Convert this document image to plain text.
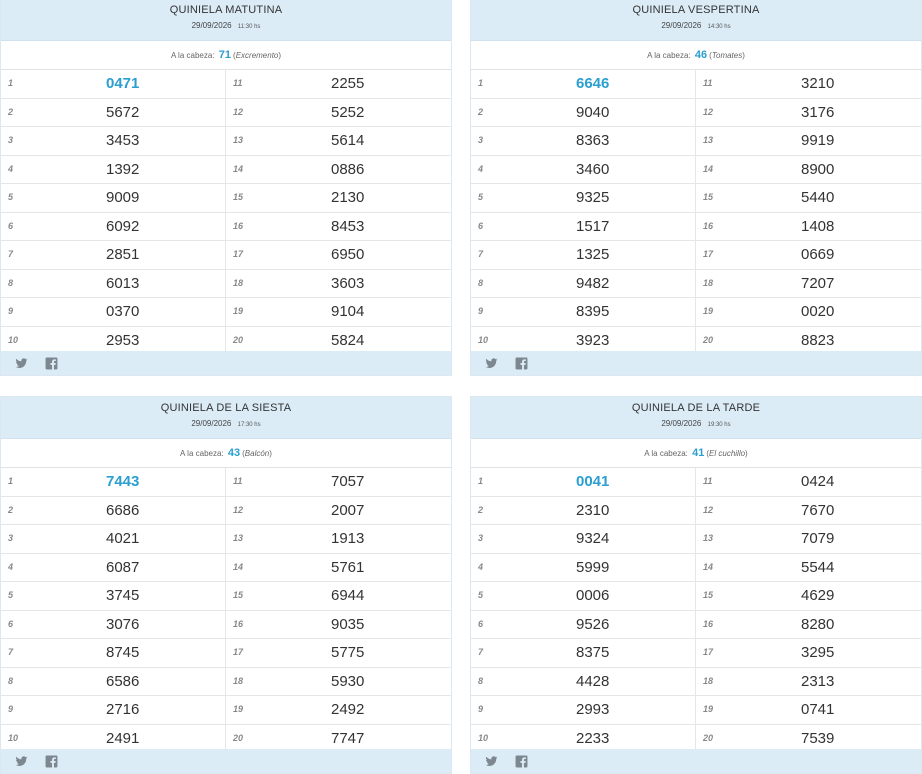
QUINIELA MATUTINA
29/09/2026 11:30 hs
A la cabeza: 71 (Excremento)
1	0471	11	2255
2	5672	12	5252
3	3453	13	5614
4	1392	14	0886
5	9009	15	2130
6	6092	16	8453
7	2851	17	6950
8	6013	18	3603
9	0370	19	9104
10	2953	20	5824
QUINIELA VESPERTINA
29/09/2026 14:30 hs
A la cabeza: 46 (Tomates)
1	6646	11	3210
2	9040	12	3176
3	8363	13	9919
4	3460	14	8900
5	9325	15	5440
6	1517	16	1408
7	1325	17	0669
8	9482	18	7207
9	8395	19	0020
10	3923	20	8823
QUINIELA DE LA SIESTA
29/09/2026 17:30 hs
A la cabeza: 43 (Balcón)
1	7443	11	7057
2	6686	12	2007
3	4021	13	1913
4	6087	14	5761
5	3745	15	6944
6	3076	16	9035
7	8745	17	5775
8	6586	18	5930
9	2716	19	2492
10	2491	20	7747
QUINIELA DE LA TARDE
29/09/2026 19:30 hs
A la cabeza: 41 (El cuchillo)
1	0041	11	0424
2	2310	12	7670
3	9324	13	7079
4	5999	14	5544
5	0006	15	4629
6	9526	16	8280
7	8375	17	3295
8	4428	18	2313
9	2993	19	0741
10	2233	20	7539
